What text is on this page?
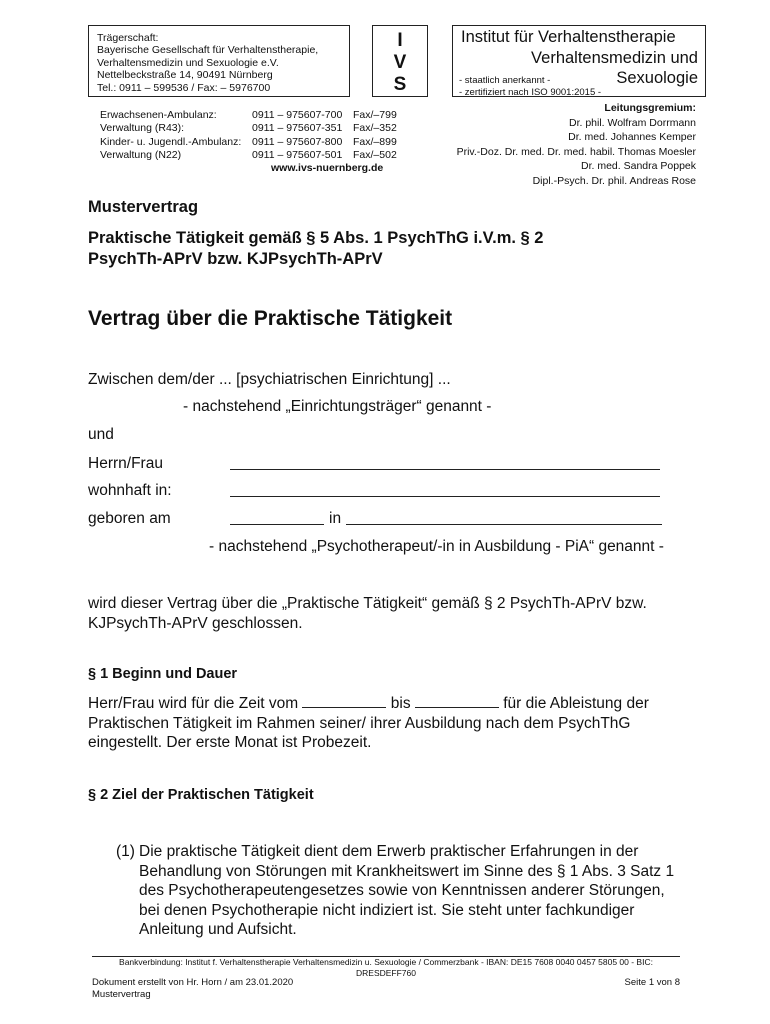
Trägerschaft:
Bayerische Gesellschaft für Verhaltenstherapie,
Verhaltensmedizin und Sexuologie e.V.
Nettelbeckstraße 14, 90491 Nürnberg
Tel.: 0911 – 599536 / Fax: – 5976700
I
V
S
Institut für Verhaltenstherapie
Verhaltensmedizin und
- staatlich anerkannt -	Sexuologie
- zertifiziert nach ISO 9001:2015 -
Erwachsenen-Ambulanz:	0911 – 975607-700	Fax/–799
Verwaltung (R43):	0911 – 975607-351	Fax/–352
Kinder- u. Jugendl.-Ambulanz:	0911 – 975607-800	Fax/–899
Verwaltung (N22)	0911 – 975607-501	Fax/–502
www.ivs-nuernberg.de
Leitungsgremium:
Dr. phil. Wolfram Dorrmann
Dr. med. Johannes Kemper
Priv.-Doz. Dr. med. Dr. med. habil. Thomas Moesler
Dr. med. Sandra Poppek
Dipl.-Psych. Dr. phil. Andreas Rose
Mustervertrag
Praktische Tätigkeit gemäß § 5 Abs. 1 PsychThG i.V.m. § 2
PsychTh-APrV bzw. KJPsychTh-APrV
Vertrag über die Praktische Tätigkeit
Zwischen dem/der ... [psychiatrischen Einrichtung] ...
- nachstehend „Einrichtungsträger“ genannt -
und
Herrn/Frau
wohnhaft in:
geboren am	in
- nachstehend „Psychotherapeut/-in in Ausbildung - PiA“ genannt -
wird dieser Vertrag über die „Praktische Tätigkeit“ gemäß § 2 PsychTh-APrV bzw.
KJPsychTh-APrV geschlossen.
§ 1 Beginn und Dauer
Herr/Frau wird für die Zeit vom	bis	für die Ableistung der
Praktischen Tätigkeit im Rahmen seiner/ ihrer Ausbildung nach dem PsychThG
eingestellt. Der erste Monat ist Probezeit.
§ 2 Ziel der Praktischen Tätigkeit
(1) Die praktische Tätigkeit dient dem Erwerb praktischer Erfahrungen in der Behandlung von Störungen mit Krankheitswert im Sinne des § 1 Abs. 3 Satz 1 des Psychotherapeutengesetzes sowie von Kenntnissen anderer Störungen, bei denen Psychotherapie nicht indiziert ist. Sie steht unter fachkundiger Anleitung und Aufsicht.
Bankverbindung: Institut f. Verhaltenstherapie Verhaltensmedizin u. Sexuologie / Commerzbank - IBAN: DE15 7608 0040 0457 5805 00 - BIC:
DRESDEFF760
Dokument erstellt von Hr. Horn / am 23.01.2020
Mustervertrag
Seite 1 von 8
